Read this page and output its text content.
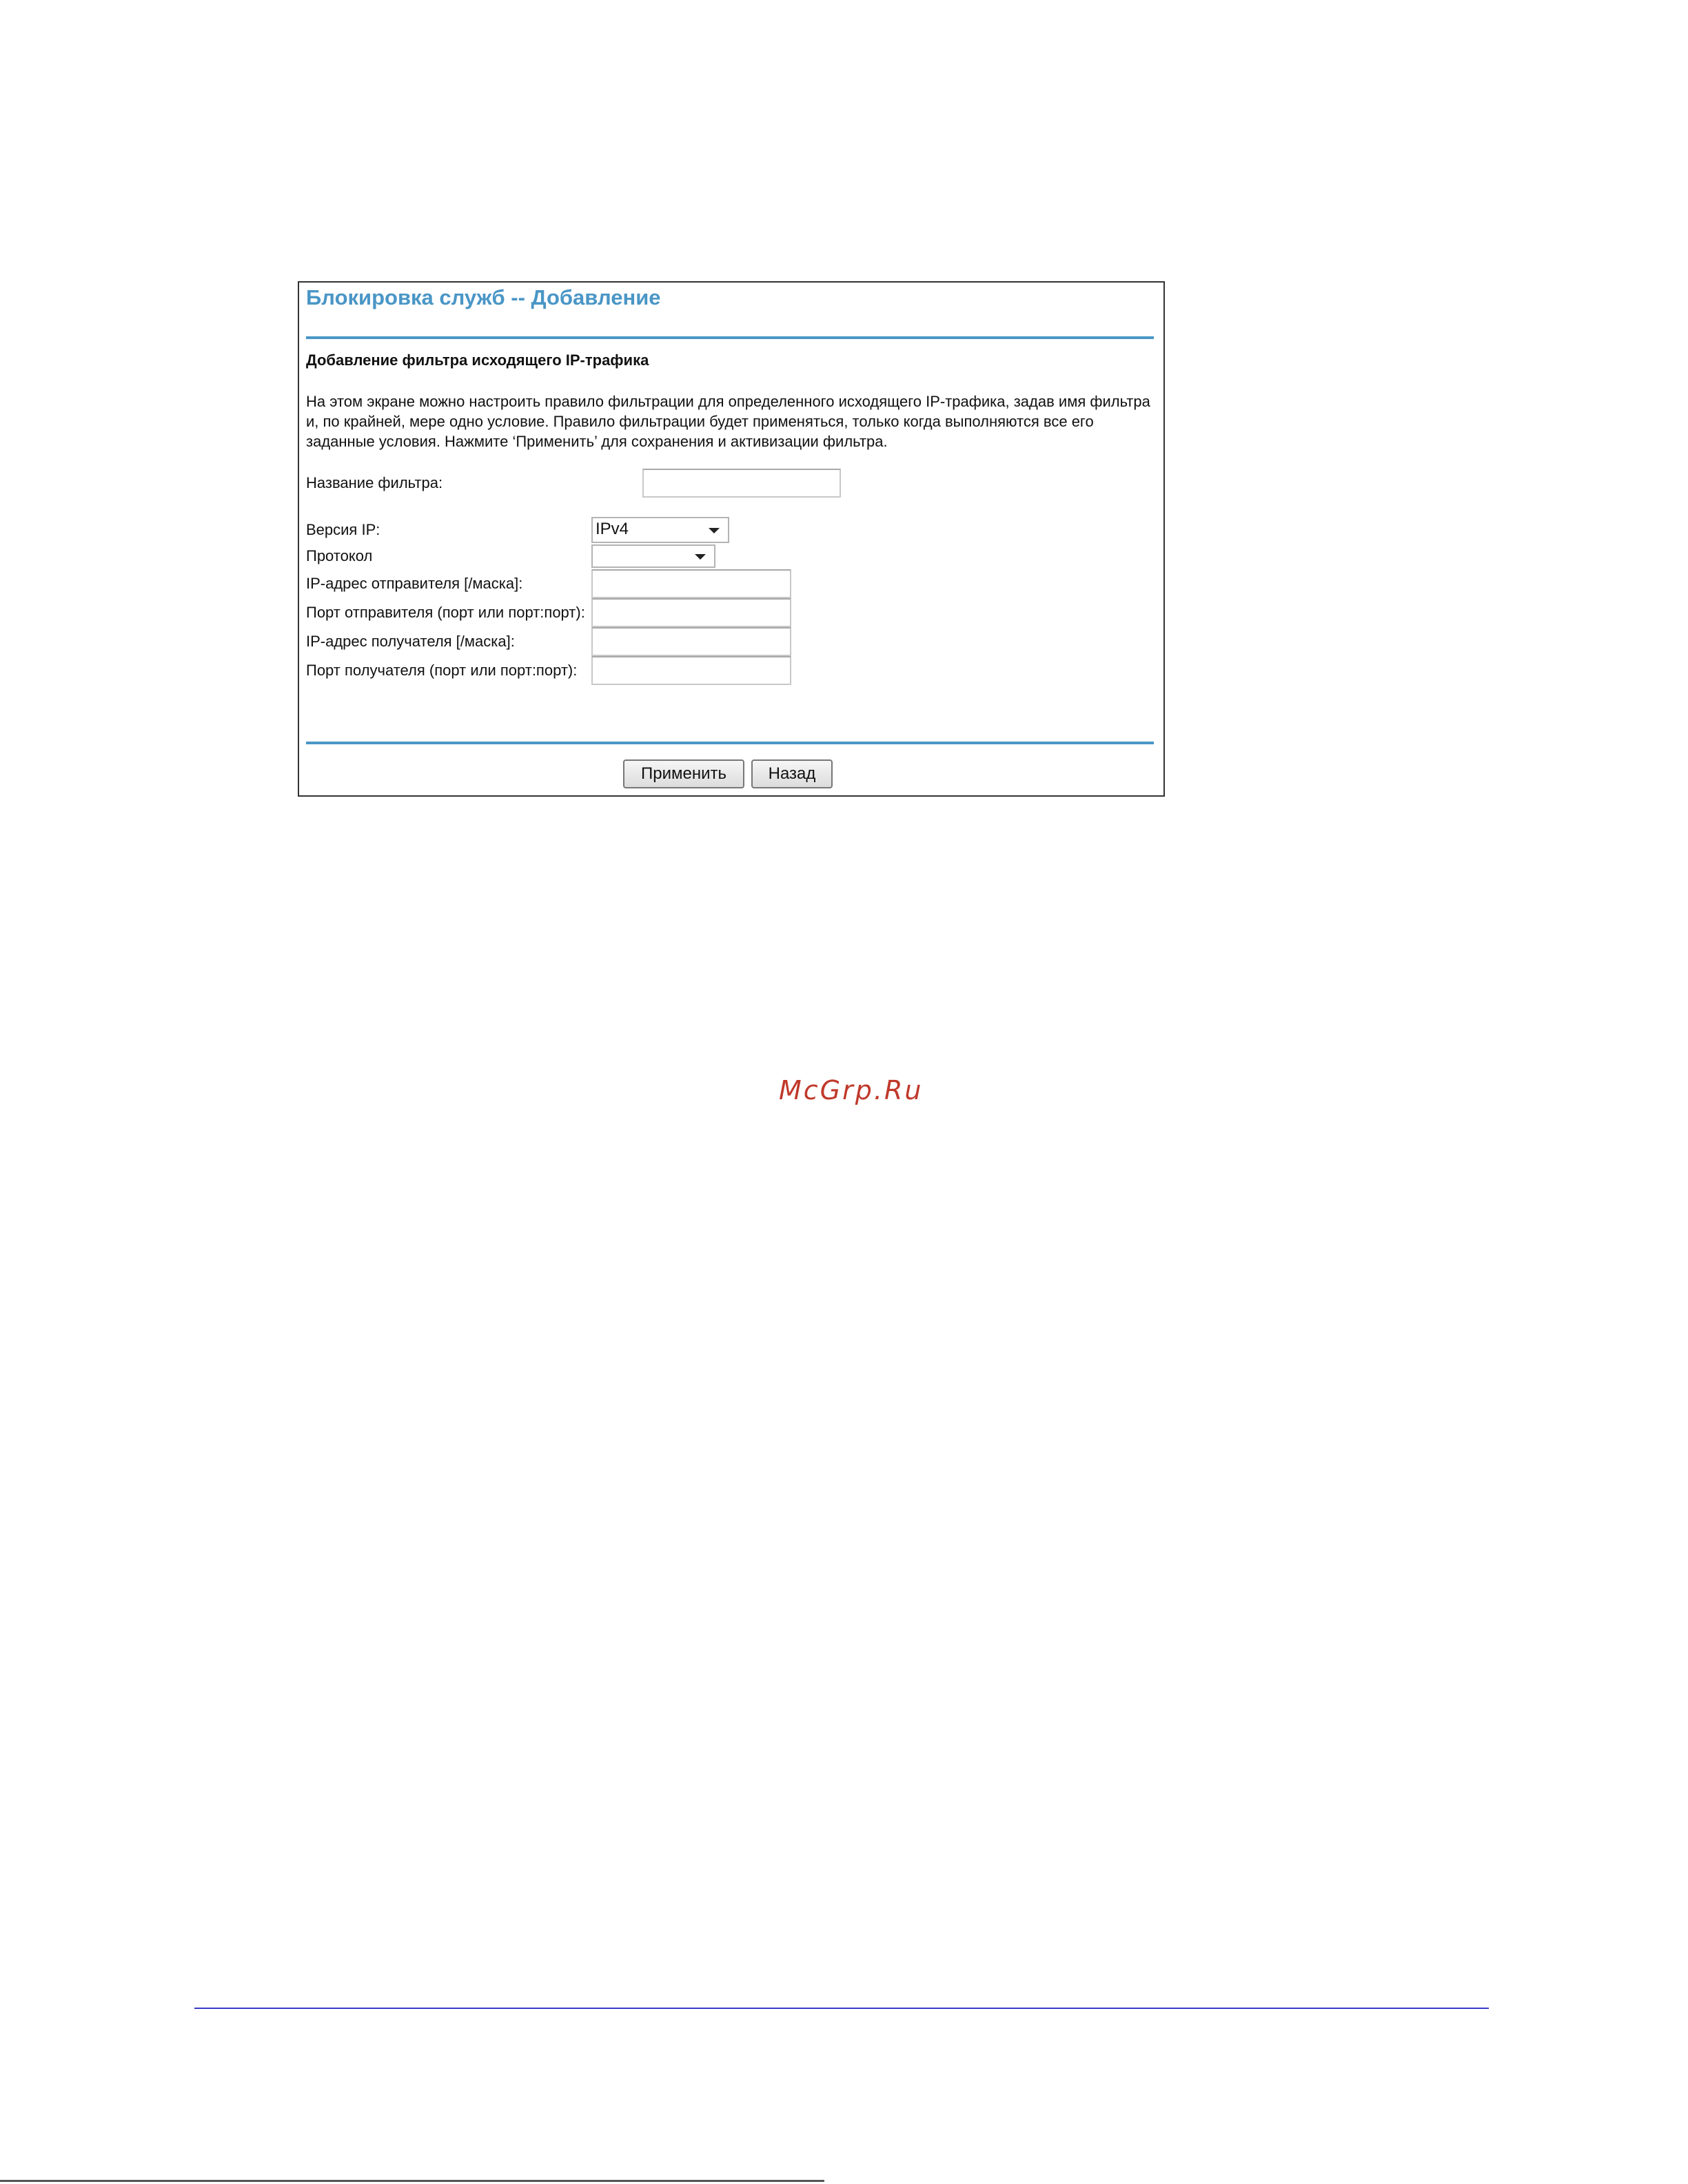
Блокировка служб -- Добавление
Добавление фильтра исходящего IP-трафика
На этом экране можно настроить правило фильтрации для определенного исходящего IP-трафика, задав имя фильтра и, по крайней, мере одно условие. Правило фильтрации будет применяться, только когда выполняются все его заданные условия. Нажмите ‘Применить’ для сохранения и активизации фильтра.
Название фильтра:
Версия IP:	IPv4
Протокол
IP-адрес отправителя [/маска]:
Порт отправителя (порт или порт:порт):
IP-адрес получателя [/маска]:
Порт получателя (порт или порт:порт):
Применить	Назад
McGrp.Ru
